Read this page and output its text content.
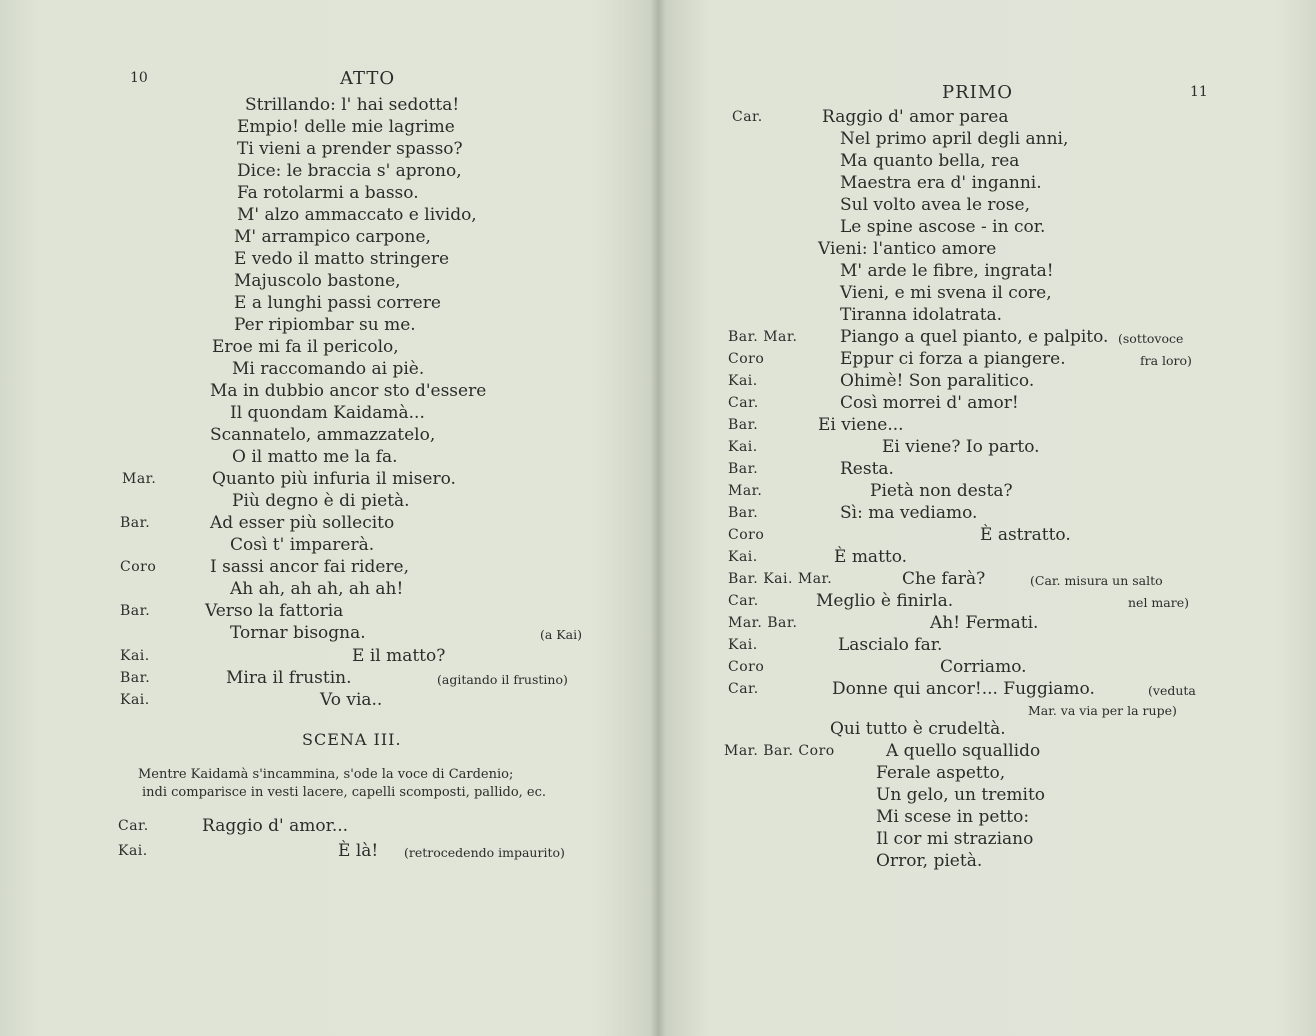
10	ATTO
PRIMO	11
Strillando: l' hai sedotta!
Empio! delle mie lagrime
Ti vieni a prender spasso?
Dice: le braccia s' aprono,
Fa rotolarmi a basso.
M' alzo ammaccato e livido,
M' arrampico carpone,
E vedo il matto stringere
Majuscolo bastone,
E a lunghi passi correre
Per ripiombar su me.
Eroe mi fa il pericolo,
Mi raccomando ai piè.
Ma in dubbio ancor sto d'essere
Il quondam Kaidamà...
Scannatelo, ammazzatelo,
O il matto me la fa.
Mar.	Quanto più infuria il misero.
Più degno è di pietà.
Bar.	Ad esser più sollecito
Così t' imparerà.
Coro	I sassi ancor fai ridere,
Ah ah, ah ah, ah ah!
Bar.	Verso la fattoria
Tornar bisogna.	(a Kai)
Kai.	E il matto?
Bar.	Mira il frustin.	(agitando il frustino)
Kai.	Vo via..
SCENA III.
Mentre Kaidamà s'incammina, s'ode la voce di Cardenio;
indi comparisce in vesti lacere, capelli scomposti, pallido, ec.
Car.	Raggio d' amor...
Kai.	È là! (retrocedendo impaurito)
Car.	Raggio d' amor parea
Nel primo april degli anni,
Ma quanto bella, rea
Maestra era d' inganni.
Sul volto avea le rose,
Le spine ascose - in cor.
Vieni: l'antico amore
M' arde le fibre, ingrata!
Vieni, e mi svena il core,
Tiranna idolatrata.
Bar. Mar.	Piango a quel pianto, e palpito. (sottovoce
Coro	Eppur ci forza a piangere.	fra loro)
Kai.	Ohimè! Son paralitico.
Car.	Così morrei d' amor!
Bar.	Ei viene...
Kai.	Ei viene? Io parto.
Bar.	Resta.
Mar.	Pietà non desta?
Bar.	Sì: ma vediamo.
Coro	È astratto.
Kai.	È matto.
Bar. Kai. Mar.	Che farà?	(Car. misura un salto
Car.	Meglio è finirla.	nel mare)
Mar. Bar.	Ah! Fermati.
Kai.	Lascialo far.
Coro	Corriamo.
Car.	Donne qui ancor!... Fuggiamo.	(veduta
Mar. va via per la rupe)
Qui tutto è crudeltà.
Mar. Bar. Coro	A quello squallido
Ferale aspetto,
Un gelo, un tremito
Mi scese in petto:
Il cor mi straziano
Orror, pietà.
